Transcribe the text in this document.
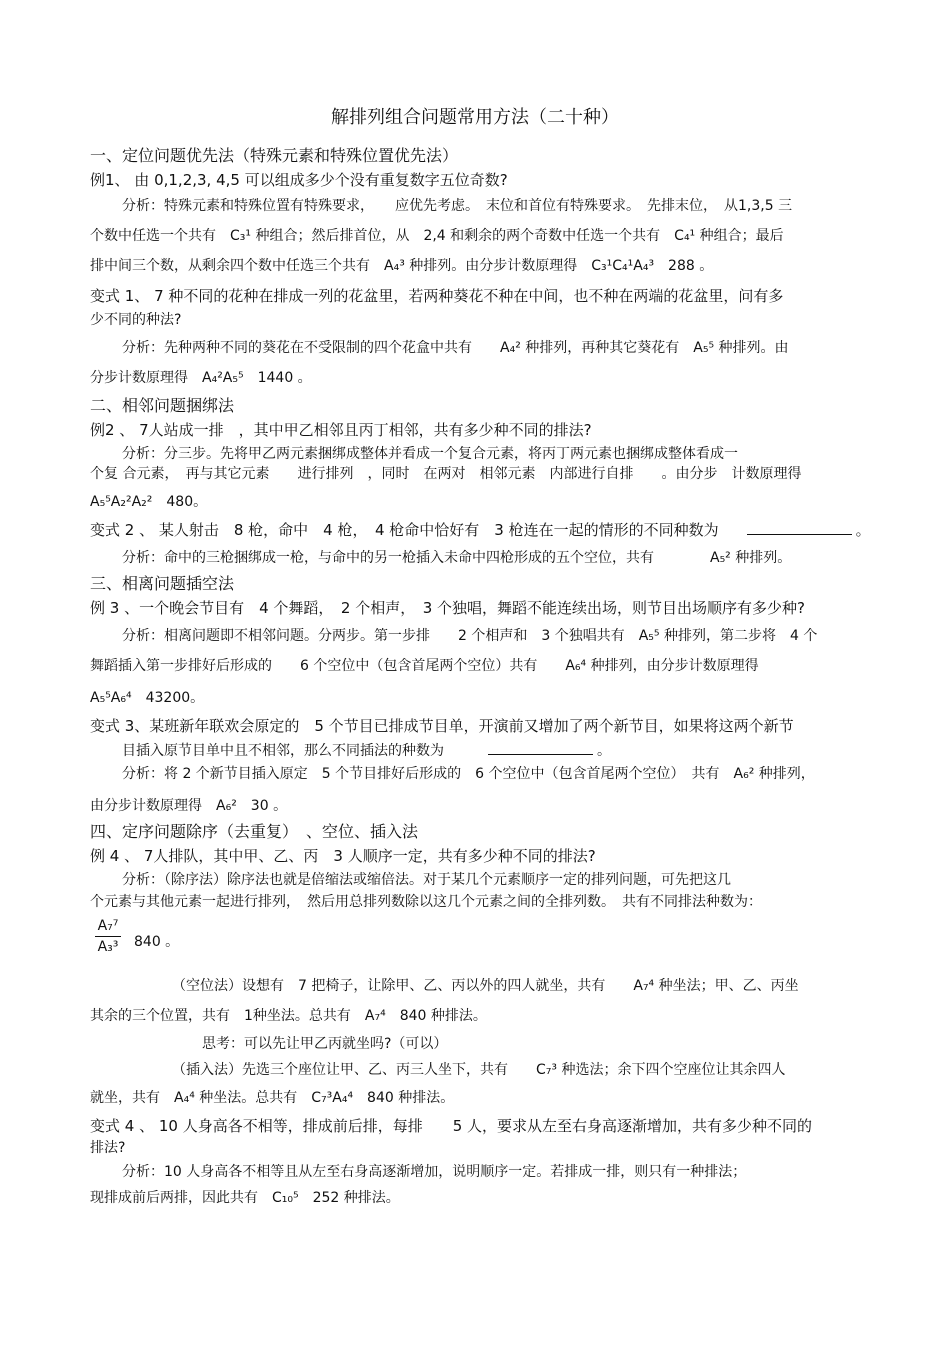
解排列组合问题常用方法（二十种）
一、定位问题优先法（特殊元素和特殊位置优先法）
例1、 由 0,1,2,3, 4,5 可以组成多少个没有重复数字五位奇数?
分析：特殊元素和特殊位置有特殊要求，　　应优先考虑。　末位和首位有特殊要求。　先排末位，　从1,3,5 三
个数中任选一个共有　C₃¹ 种组合；然后排首位，从　2,4 和剩余的两个奇数中任选一个共有　C₄¹ 种组合；最后
排中间三个数，从剩余四个数中任选三个共有　A₄³ 种排列。由分步计数原理得　C₃¹C₄¹A₄³　288 。
变式 1、 7 种不同的花种在排成一列的花盆里，若两种葵花不种在中间，也不种在两端的花盆里，问有多
少不同的种法?
分析：先种两种不同的葵花在不受限制的四个花盒中共有　　A₄² 种排列，再种其它葵花有　A₅⁵ 种排列。由
分步计数原理得　A₄²A₅⁵　1440 。
二、相邻问题捆绑法
例2 、 7人站成一排　，其中甲乙相邻且丙丁相邻，共有多少种不同的排法?
分析：分三步。先将甲乙两元素捆绑成整体并看成一个复合元素，将丙丁两元素也捆绑成整体看成一
个复 合元素，　再与其它元素　　进行排列　，同时　在两对　相邻元素　内部进行自排　　。由分步　计数原理得
A₅⁵A₂²A₂²　480。
变式 2 、 某人射击　8 枪，命中　4 枪，　4 枪命中恰好有　3 枪连在一起的情形的不同种数为	。
分析：命中的三枪捆绑成一枪，与命中的另一枪插入未命中四枪形成的五个空位，共有　　　　A₅² 种排列。
三、相离问题插空法
例 3 、一个晚会节目有　4 个舞蹈，　2 个相声，　3 个独唱，舞蹈不能连续出场，则节目出场顺序有多少种?
分析：相离问题即不相邻问题。分两步。第一步排　　2 个相声和　3 个独唱共有　A₅⁵ 种排列，第二步将　4 个
舞蹈插入第一步排好后形成的　　6 个空位中（包含首尾两个空位）共有　　A₆⁴ 种排列，由分步计数原理得
A₅⁵A₆⁴　43200。
变式 3、某班新年联欢会原定的　5 个节目已排成节目单，开演前又增加了两个新节目，如果将这两个新节
目插入原节目单中且不相邻，那么不同插法的种数为	。
分析：将 2 个新节目插入原定　5 个节目排好后形成的　6 个空位中（包含首尾两个空位）　共有　A₆² 种排列，
由分步计数原理得　A₆²　30 。
四、定序问题除序（去重复）　、空位、插入法
例 4 、 7人排队，其中甲、乙、丙　3 人顺序一定，共有多少种不同的排法?
分析：（除序法）除序法也就是倍缩法或缩倍法。对于某几个元素顺序一定的排列问题，可先把这几
个元素与其他元素一起进行排列，　然后用总排列数除以这几个元素之间的全排列数。　共有不同排法种数为：
A₇⁷
A₃³ 840 。
（空位法）设想有　7 把椅子，让除甲、乙、丙以外的四人就坐，共有　　A₇⁴ 种坐法；甲、乙、丙坐
其余的三个位置，共有　1种坐法。总共有　A₇⁴　840 种排法。
思考：可以先让甲乙丙就坐吗?（可以）
（插入法）先选三个座位让甲、乙、丙三人坐下，共有　　C₇³ 种选法；余下四个空座位让其余四人
就坐，共有　A₄⁴ 种坐法。总共有　C₇³A₄⁴　840 种排法。
变式 4 、 10 人身高各不相等，排成前后排，每排　　5 人，要求从左至右身高逐渐增加，共有多少种不同的
排法?
分析：10 人身高各不相等且从左至右身高逐渐增加，说明顺序一定。若排成一排，则只有一种排法；
现排成前后两排，因此共有　C₁₀⁵　252 种排法。
